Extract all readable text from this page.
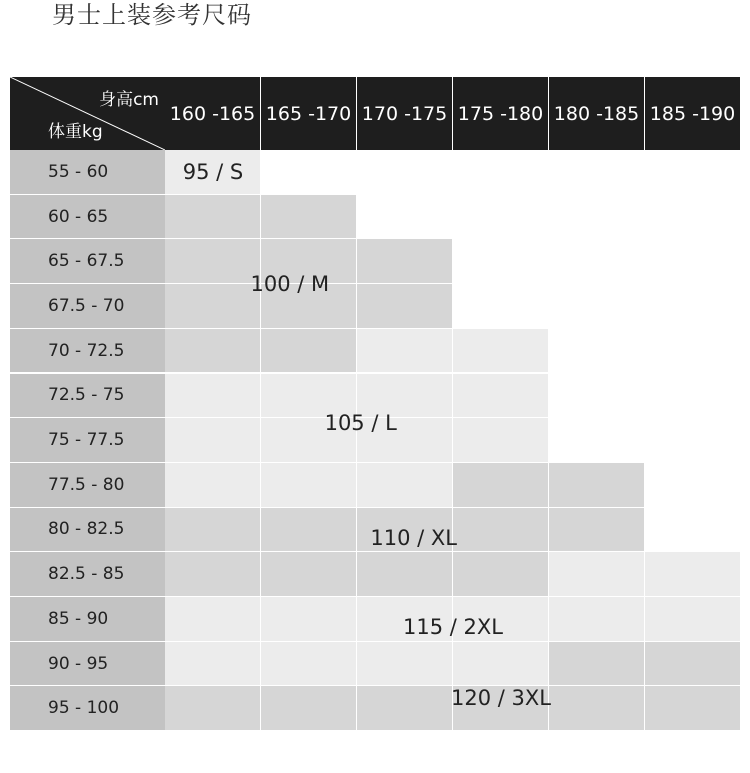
男士上装参考尺码
身高cm
体重kg
160 -165 165 -170 170 -175 175 -180 180 -185 185 -190
55 - 60
60 - 65
65 - 67.5
67.5 - 70
70 - 72.5
72.5 - 75
75 - 77.5
77.5 - 80
80 - 82.5
82.5 - 85
85 - 90
90 - 95
95 - 100
95 / S
100 / M
105 / L
110 / XL
115 / 2XL
120 / 3XL
